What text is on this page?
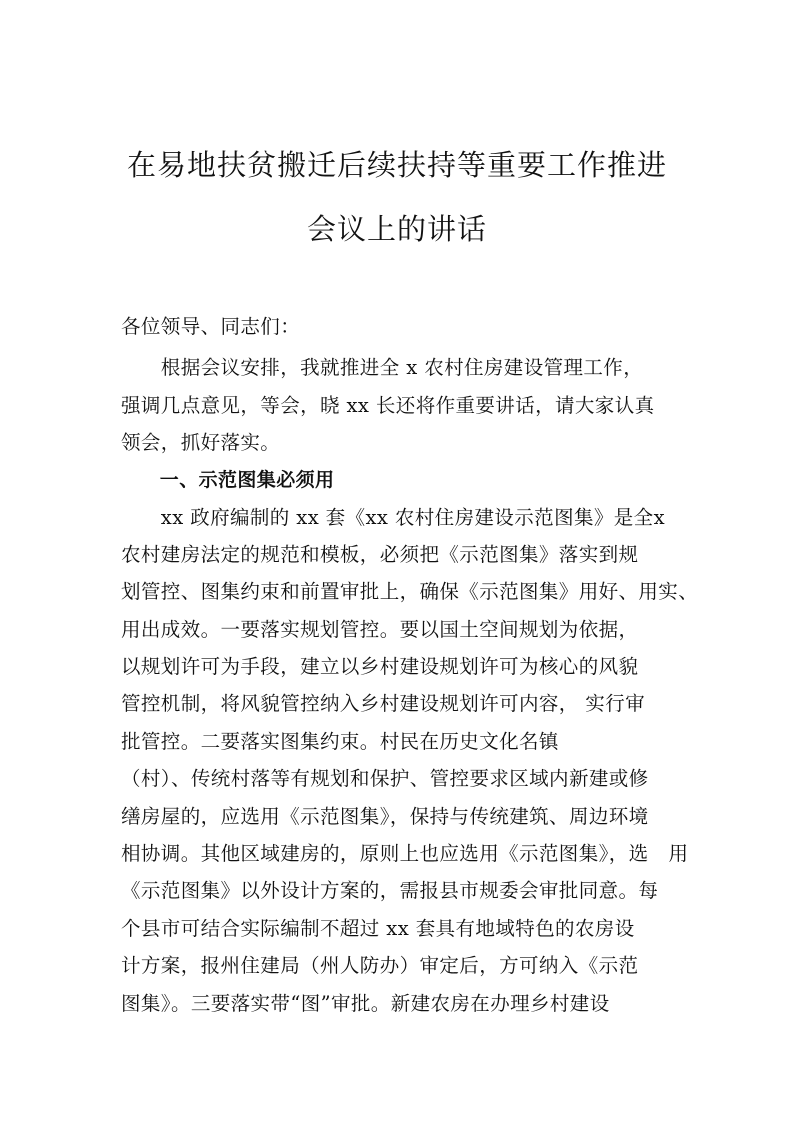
在易地扶贫搬迁后续扶持等重要工作推进
会议上的讲话
各位领导、同志们：
　　根据会议安排，我就推进全 x 农村住房建设管理工作，
强调几点意见，等会，晓 xx 长还将作重要讲话，请大家认真
领会，抓好落实。
　　一、示范图集必须用
　　xx 政府编制的 xx 套《xx 农村住房建设示范图集》是全x
农村建房法定的规范和模板，必须把《示范图集》落实到规
划管控、图集约束和前置审批上，确保《示范图集》用好、用实、
用出成效。一要落实规划管控。要以国土空间规划为依据，
以规划许可为手段，建立以乡村建设规划许可为核心的风貌
管控机制，将风貌管控纳入乡村建设规划许可内容， 实行审
批管控。二要落实图集约束。村民在历史文化名镇
（村）、传统村落等有规划和保护、管控要求区域内新建或修
缮房屋的，应选用《示范图集》，保持与传统建筑、周边环境
相协调。其他区域建房的，原则上也应选用《示范图集》，选　用
《示范图集》以外设计方案的，需报县市规委会审批同意。每
个县市可结合实际编制不超过 xx 套具有地域特色的农房设
计方案，报州住建局（州人防办）审定后，方可纳入《示范
图集》。三要落实带“图”审批。新建农房在办理乡村建设
